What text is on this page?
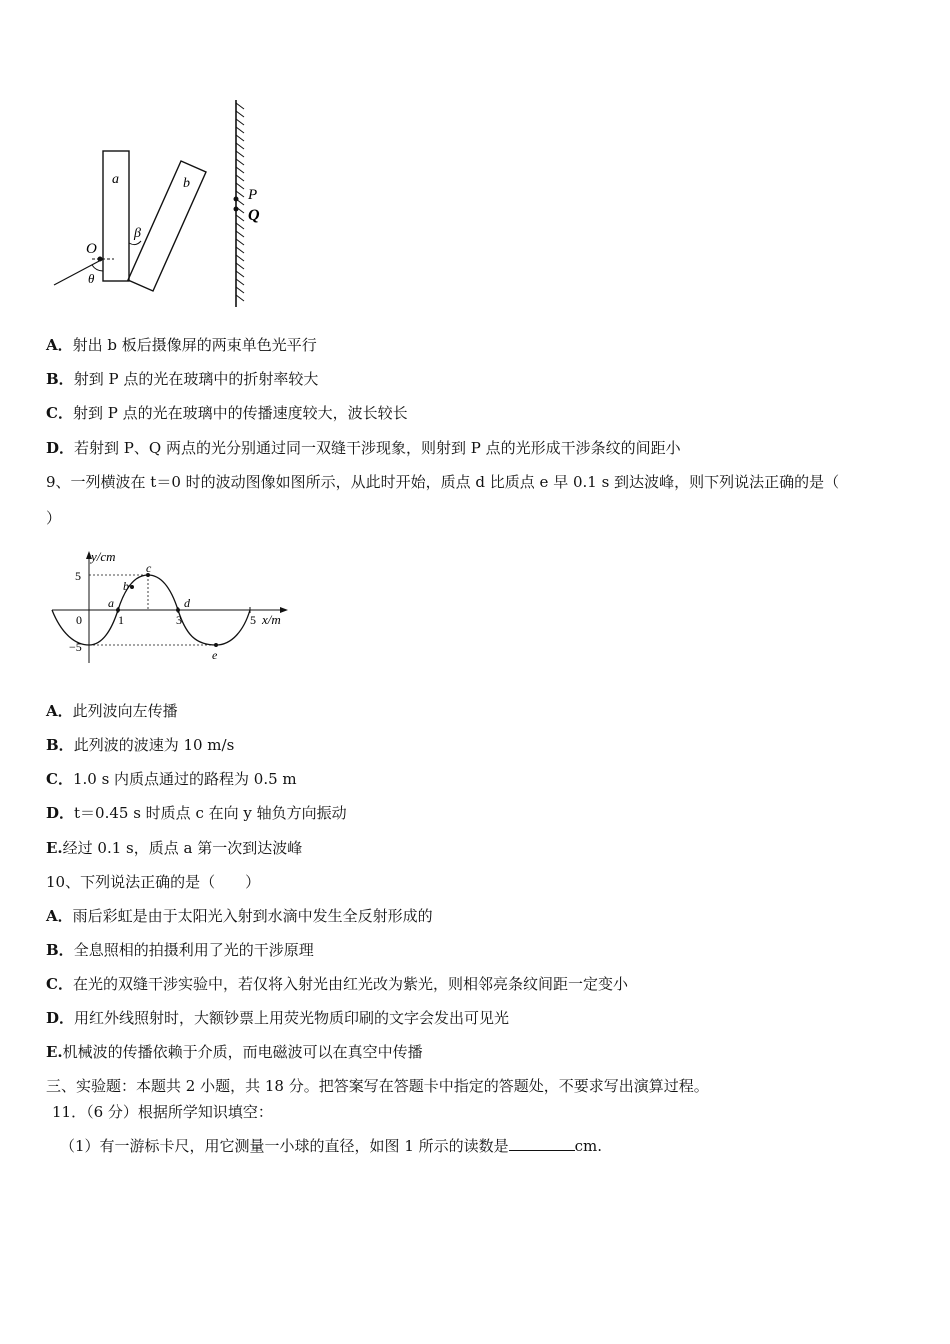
a	b
O
θ
β
P
Q
A．射出 b 板后摄像屏的两束单色光平行
B．射到 P 点的光在玻璃中的折射率较大
C．射到 P 点的光在玻璃中的传播速度较大，波长较长
D．若射到 P、Q 两点的光分别通过同一双缝干涉现象，则射到 P 点的光形成干涉条纹的间距小
9、一列横波在 t＝0 时的波动图像如图所示，从此时开始，质点 d 比质点 e 早 0.1 s 到达波峰，则下列说法正确的是（
）
y/cm
x/m
5
−5
0	1	3	5
a
b
c
d
e
A．此列波向左传播
B．此列波的波速为 10 m/s
C．1.0 s 内质点通过的路程为 0.5 m
D．t＝0.45 s 时质点 c 在向 y 轴负方向振动
E.经过 0.1 s，质点 a 第一次到达波峰
10、下列说法正确的是（　　）
A．雨后彩虹是由于太阳光入射到水滴中发生全反射形成的
B．全息照相的拍摄利用了光的干涉原理
C．在光的双缝干涉实验中，若仅将入射光由红光改为紫光，则相邻亮条纹间距一定变小
D．用红外线照射时，大额钞票上用荧光物质印刷的文字会发出可见光
E.机械波的传播依赖于介质，而电磁波可以在真空中传播
三、实验题：本题共 2 小题，共 18 分。把答案写在答题卡中指定的答题处，不要求写出演算过程。
11．（6 分）根据所学知识填空：
（1）有一游标卡尺，用它测量一小球的直径，如图 1 所示的读数是	cm.
